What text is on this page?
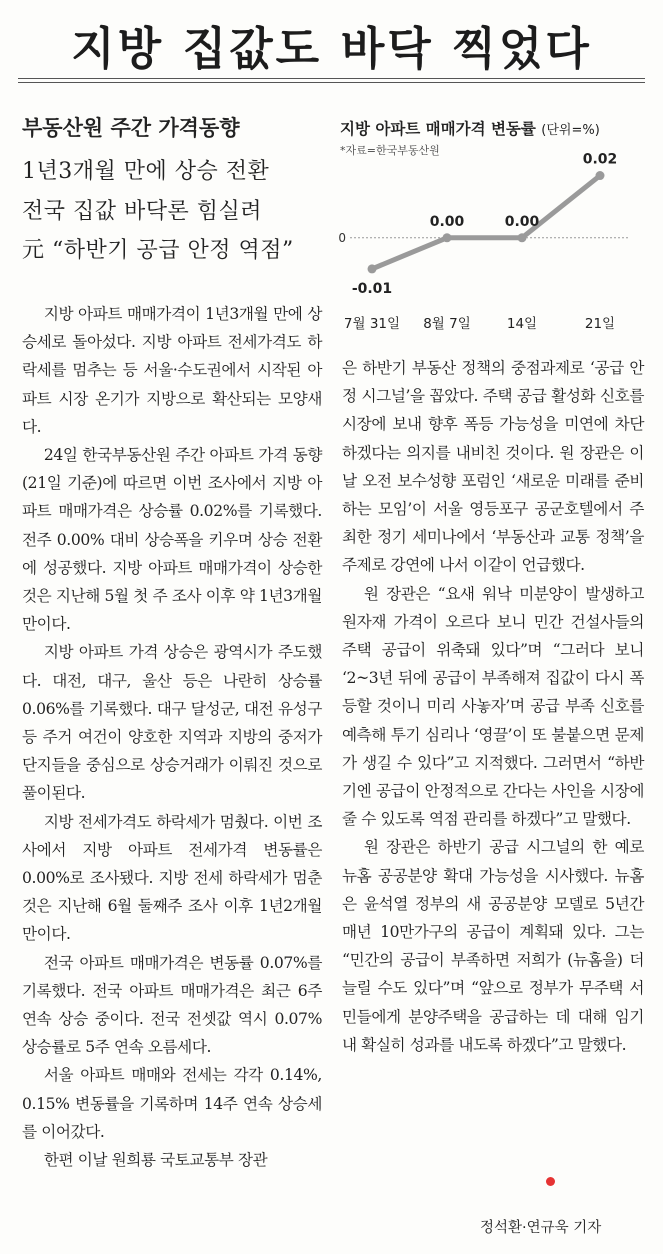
지방 집값도 바닥 찍었다
부동산원 주간 가격동향
1년3개월 만에 상승 전환
전국 집값 바닥론 힘실려
元 “하반기 공급 안정 역점”
지방 아파트 매매가격 변동률 (단위=%)
*자료=한국부동산원
0
-0.01
7월 31일
0.00
8월 7일
0.00
14일
0.02
21일

지방 아파트 매매가격이 1년3개월 만에 상승세로 돌아섰다. 지방 아파트 전세가격도 하락세를 멈추는 등 서울·수도권에서 시작된 아파트 시장 온기가 지방으로 확산되는 모양새다.

24일 한국부동산원 주간 아파트 가격 동향(21일 기준)에 따르면 이번 조사에서 지방 아파트 매매가격은 상승률 0.02%를 기록했다. 전주 0.00% 대비 상승폭을 키우며 상승 전환에 성공했다. 지방 아파트 매매가격이 상승한 것은 지난해 5월 첫 주 조사 이후 약 1년3개월 만이다.

지방 아파트 가격 상승은 광역시가 주도했다. 대전, 대구, 울산 등은 나란히 상승률 0.06%를 기록했다. 대구 달성군, 대전 유성구 등 주거 여건이 양호한 지역과 지방의 중저가 단지들을 중심으로 상승거래가 이뤄진 것으로 풀이된다.

지방 전세가격도 하락세가 멈췄다. 이번 조사에서 지방 아파트 전세가격 변동률은 0.00%로 조사됐다. 지방 전세 하락세가 멈춘 것은 지난해 6월 둘째주 조사 이후 1년2개월 만이다.

전국 아파트 매매가격은 변동률 0.07%를 기록했다. 전국 아파트 매매가격은 최근 6주 연속 상승 중이다. 전국 전셋값 역시 0.07% 상승률로 5주 연속 오름세다.

서울 아파트 매매와 전세는 각각 0.14%, 0.15% 변동률을 기록하며 14주 연속 상승세를 이어갔다.

한편 이날 원희룡 국토교통부 장관

은 하반기 부동산 정책의 중점과제로 ‘공급 안정 시그널’을 꼽았다. 주택 공급 활성화 신호를 시장에 보내 향후 폭등 가능성을 미연에 차단하겠다는 의지를 내비친 것이다. 원 장관은 이날 오전 보수성향 포럼인 ‘새로운 미래를 준비하는 모임’이 서울 영등포구 공군호텔에서 주최한 정기 세미나에서 ‘부동산과 교통 정책’을 주제로 강연에 나서 이같이 언급했다.

원 장관은 “요새 워낙 미분양이 발생하고 원자재 가격이 오르다 보니 민간 건설사들의 주택 공급이 위축돼 있다”며 “그러다 보니 ‘2~3년 뒤에 공급이 부족해져 집값이 다시 폭등할 것이니 미리 사놓자’며 공급 부족 신호를 예측해 투기 심리나 ‘영끌’이 또 불붙으면 문제가 생길 수 있다”고 지적했다. 그러면서 “하반기엔 공급이 안정적으로 간다는 사인을 시장에 줄 수 있도록 역점 관리를 하겠다”고 말했다.

원 장관은 하반기 공급 시그널의 한 예로 뉴홈 공공분양 확대 가능성을 시사했다. 뉴홈은 윤석열 정부의 새 공공분양 모델로 5년간 매년 10만가구의 공급이 계획돼 있다. 그는 “민간의 공급이 부족하면 저희가 (뉴홈을) 더 늘릴 수도 있다”며 “앞으로 정부가 무주택 서민들에게 분양주택을 공급하는 데 대해 임기 내 확실히 성과를 내도록 하겠다”고 말했다.

정석환·연규욱 기자
